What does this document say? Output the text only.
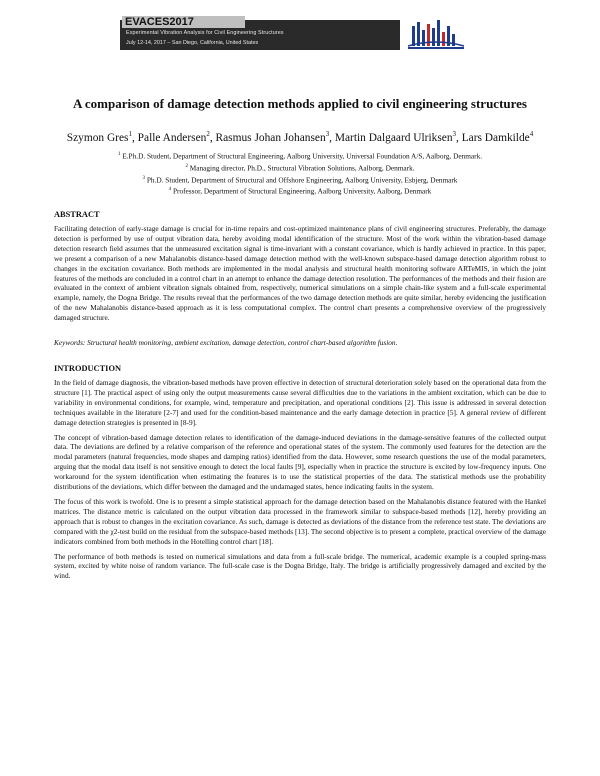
EVACES2017
Experimental Vibration Analysis for Civil Engineering Structures
July 12-14, 2017 – San Diego, California, United States
A comparison of damage detection methods applied to civil engineering structures
Szymon Gres$^1$, Palle Andersen$^2$, Rasmus Johan Johansen$^3$, Martin Dalgaard Ulriksen$^3$, Lars Damkilde$^4$
$^1$ E.Ph.D. Student, Department of Structural Engineering, Aalborg University, Universal Foundation A/S, Aalborg, Denmark.
$^2$ Managing director, Ph.D., Structural Vibration Solutions, Aalborg, Denmark.
$^3$ Ph.D. Student, Department of Structural and Offshore Engineering, Aalborg University, Esbjerg, Denmark
$^4$ Professor, Department of Structural Engineering, Aalborg University, Aalborg, Denmark
ABSTRACT
Facilitating detection of early-stage damage is crucial for in-time repairs and cost-optimized maintenance plans of civil engineering structures. Preferably, the damage detection is performed by use of output vibration data, hereby avoiding modal identification of the structure. Most of the work within the vibration-based damage detection research field assumes that the unmeasured excitation signal is time-invariant with a constant covariance, which is hardly achieved in practice. In this paper, we present a comparison of a new Mahalanobis distance-based damage detection method with the well-known subspace-based damage detection algorithm robust to changes in the excitation covariance. Both methods are implemented in the modal analysis and structural health monitoring software ARTeMIS, in which the joint features of the methods are concluded in a control chart in an attempt to enhance the damage detection resolution. The performances of the methods and their fusion are evaluated in the context of ambient vibration signals obtained from, respectively, numerical simulations on a simple chain-like system and a full-scale experimental example, namely, the Dogna Bridge. The results reveal that the performances of the two damage detection methods are quite similar, hereby evidencing the justification of the new Mahalanobis distance-based approach as it is less computational complex. The control chart presents a comprehensive overview of the progressively damaged structure.
Keywords: Structural health monitoring, ambient excitation, damage detection, control chart-based algorithm fusion.
INTRODUCTION

In the field of damage diagnosis, the vibration-based methods have proven effective in detection of structural deterioration solely based on the operational data from the structure [1]. The practical aspect of using only the output measurements cause several difficulties due to the variations in the ambient excitation, which can be due to variability in environmental conditions, for example, wind, temperature and precipitation, and operational conditions [2]. This issue is addressed in several detection techniques available in the literature [2-7] and used for the condition-based maintenance and the early damage detection in practice [5]. A general review of different damage detection strategies is presented in [8-9].

The concept of vibration-based damage detection relates to identification of the damage-induced deviations in the damage-sensitive features of the collected output data. The deviations are defined by a relative comparison of the reference and operational states of the system. The commonly used features for the detection are the modal parameters (natural frequencies, mode shapes and damping ratios) identified from the data. However, some research questions the use of the modal parameters, arguing that the modal data itself is not sensitive enough to detect the local faults [9], especially when in practice the structure is excited by low-frequency inputs. One workaround for the system identification when estimating the features is to use the statistical properties of the data. The statistical methods use the probability distributions of the deviations, which differ between the damaged and the undamaged states, hence indicating faults in the system.

The focus of this work is twofold. One is to present a simple statistical approach for the damage detection based on the Mahalanobis distance featured with the Hankel matrices. The distance metric is calculated on the output vibration data processed in the framework similar to subspace-based methods [12], hereby providing an approach that is robust to changes in the excitation covariance. As such, damage is detected as deviations of the distance from the reference test state. The deviations are compared with the χ2-test build on the residual from the subspace-based methods [13]. The second objective is to present a complete, practical overview of the damage indicators combined from both methods in the Hotelling control chart [18].

The performance of both methods is tested on numerical simulations and data from a full-scale bridge. The numerical, academic example is a coupled spring-mass system, excited by white noise of random variance. The full-scale case is the Dogna Bridge, Italy. The bridge is artificially progressively damaged and excited by the wind.
